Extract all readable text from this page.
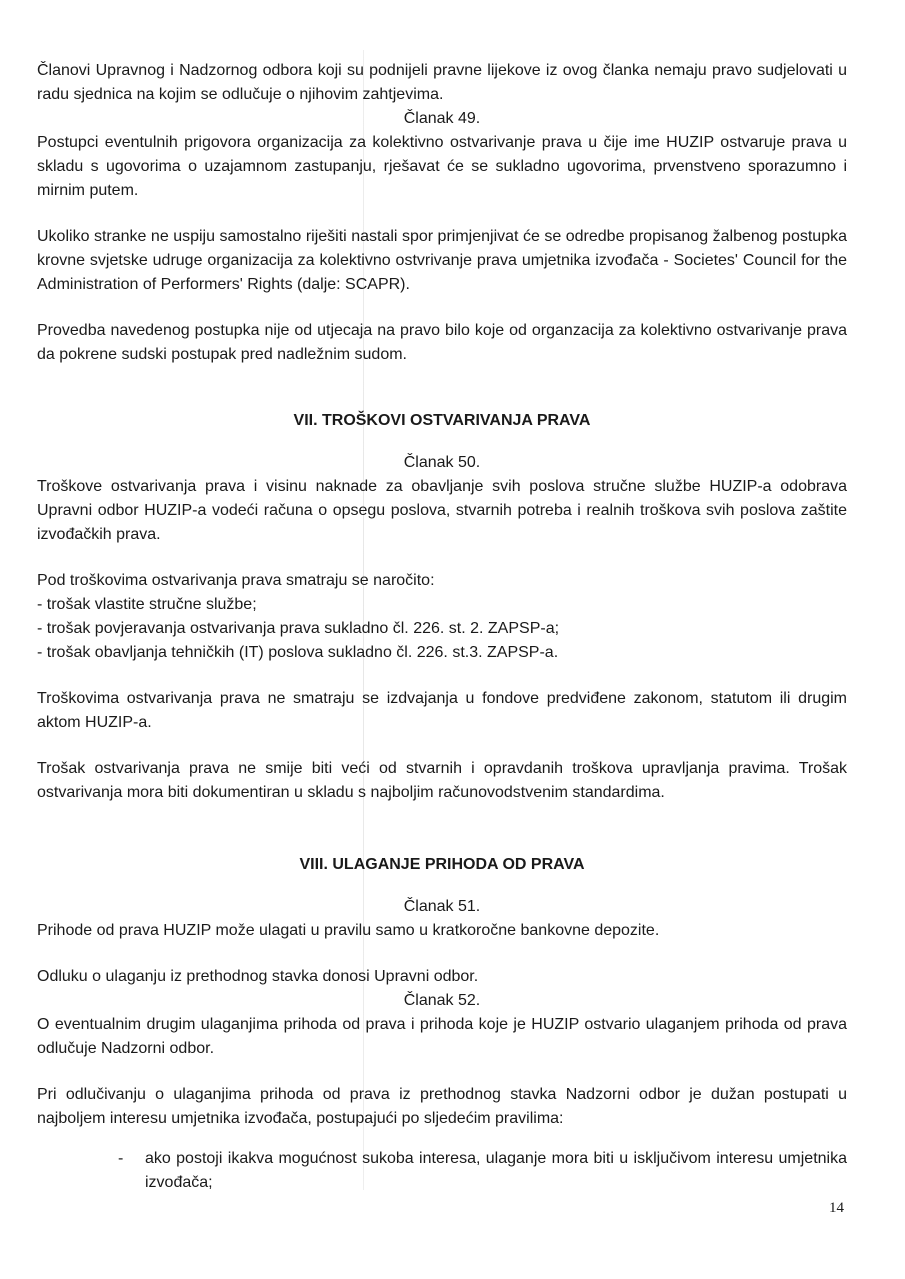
Članovi Upravnog i Nadzornog odbora koji su podnijeli pravne lijekove iz ovog članka nemaju pravo sudjelovati u radu sjednica na kojim se odlučuje o njihovim zahtjevima.

Članak 49.

Postupci eventulnih prigovora organizacija za kolektivno ostvarivanje prava u čije ime HUZIP ostvaruje prava u skladu s ugovorima o uzajamnom zastupanju, rješavat će se sukladno ugovorima, prvenstveno sporazumno i mirnim putem.

Ukoliko stranke ne uspiju samostalno riješiti nastali spor primjenjivat će se odredbe propisanog žalbenog postupka krovne svjetske udruge organizacija za kolektivno ostvrivanje prava umjetnika izvođača - Societes' Council for the Administration of Performers' Rights (dalje: SCAPR).

Provedba navedenog postupka nije od utjecaja na pravo bilo koje od organzacija za kolektivno ostvarivanje prava da pokrene sudski postupak pred nadležnim sudom.

VII. TROŠKOVI OSTVARIVANJA PRAVA

Članak 50.

Troškove ostvarivanja prava i visinu naknade za obavljanje svih poslova stručne službe HUZIP-a odobrava Upravni odbor HUZIP-a vodeći računa o opsegu poslova, stvarnih potreba i realnih troškova svih poslova zaštite izvođačkih prava.

Pod troškovima ostvarivanja prava smatraju se naročito:

- trošak vlastite stručne službe;
- trošak povjeravanja ostvarivanja prava sukladno čl. 226. st. 2. ZAPSP-a;
- trošak obavljanja tehničkih (IT) poslova sukladno čl. 226. st.3. ZAPSP-a.

Troškovima ostvarivanja prava ne smatraju se izdvajanja u fondove predviđene zakonom, statutom ili drugim aktom HUZIP-a.

Trošak ostvarivanja prava ne smije biti veći od stvarnih i opravdanih troškova upravljanja pravima. Trošak ostvarivanja mora biti dokumentiran u skladu s najboljim računovodstvenim standardima.

VIII. ULAGANJE PRIHODA OD PRAVA

Članak 51.

Prihode od prava HUZIP može ulagati u pravilu samo u kratkoročne bankovne depozite.

Odluku o ulaganju iz prethodnog stavka donosi Upravni odbor.

Članak 52.

O eventualnim drugim ulaganjima prihoda od prava i prihoda koje je HUZIP ostvario ulaganjem prihoda od prava odlučuje Nadzorni odbor.

Pri odlučivanju o ulaganjima prihoda od prava iz prethodnog stavka Nadzorni odbor je dužan postupati u najboljem interesu umjetnika izvođača, postupajući po sljedećim pravilima:

- ako postoji ikakva mogućnost sukoba interesa, ulaganje mora biti u isključivom interesu umjetnika izvođača;

14
